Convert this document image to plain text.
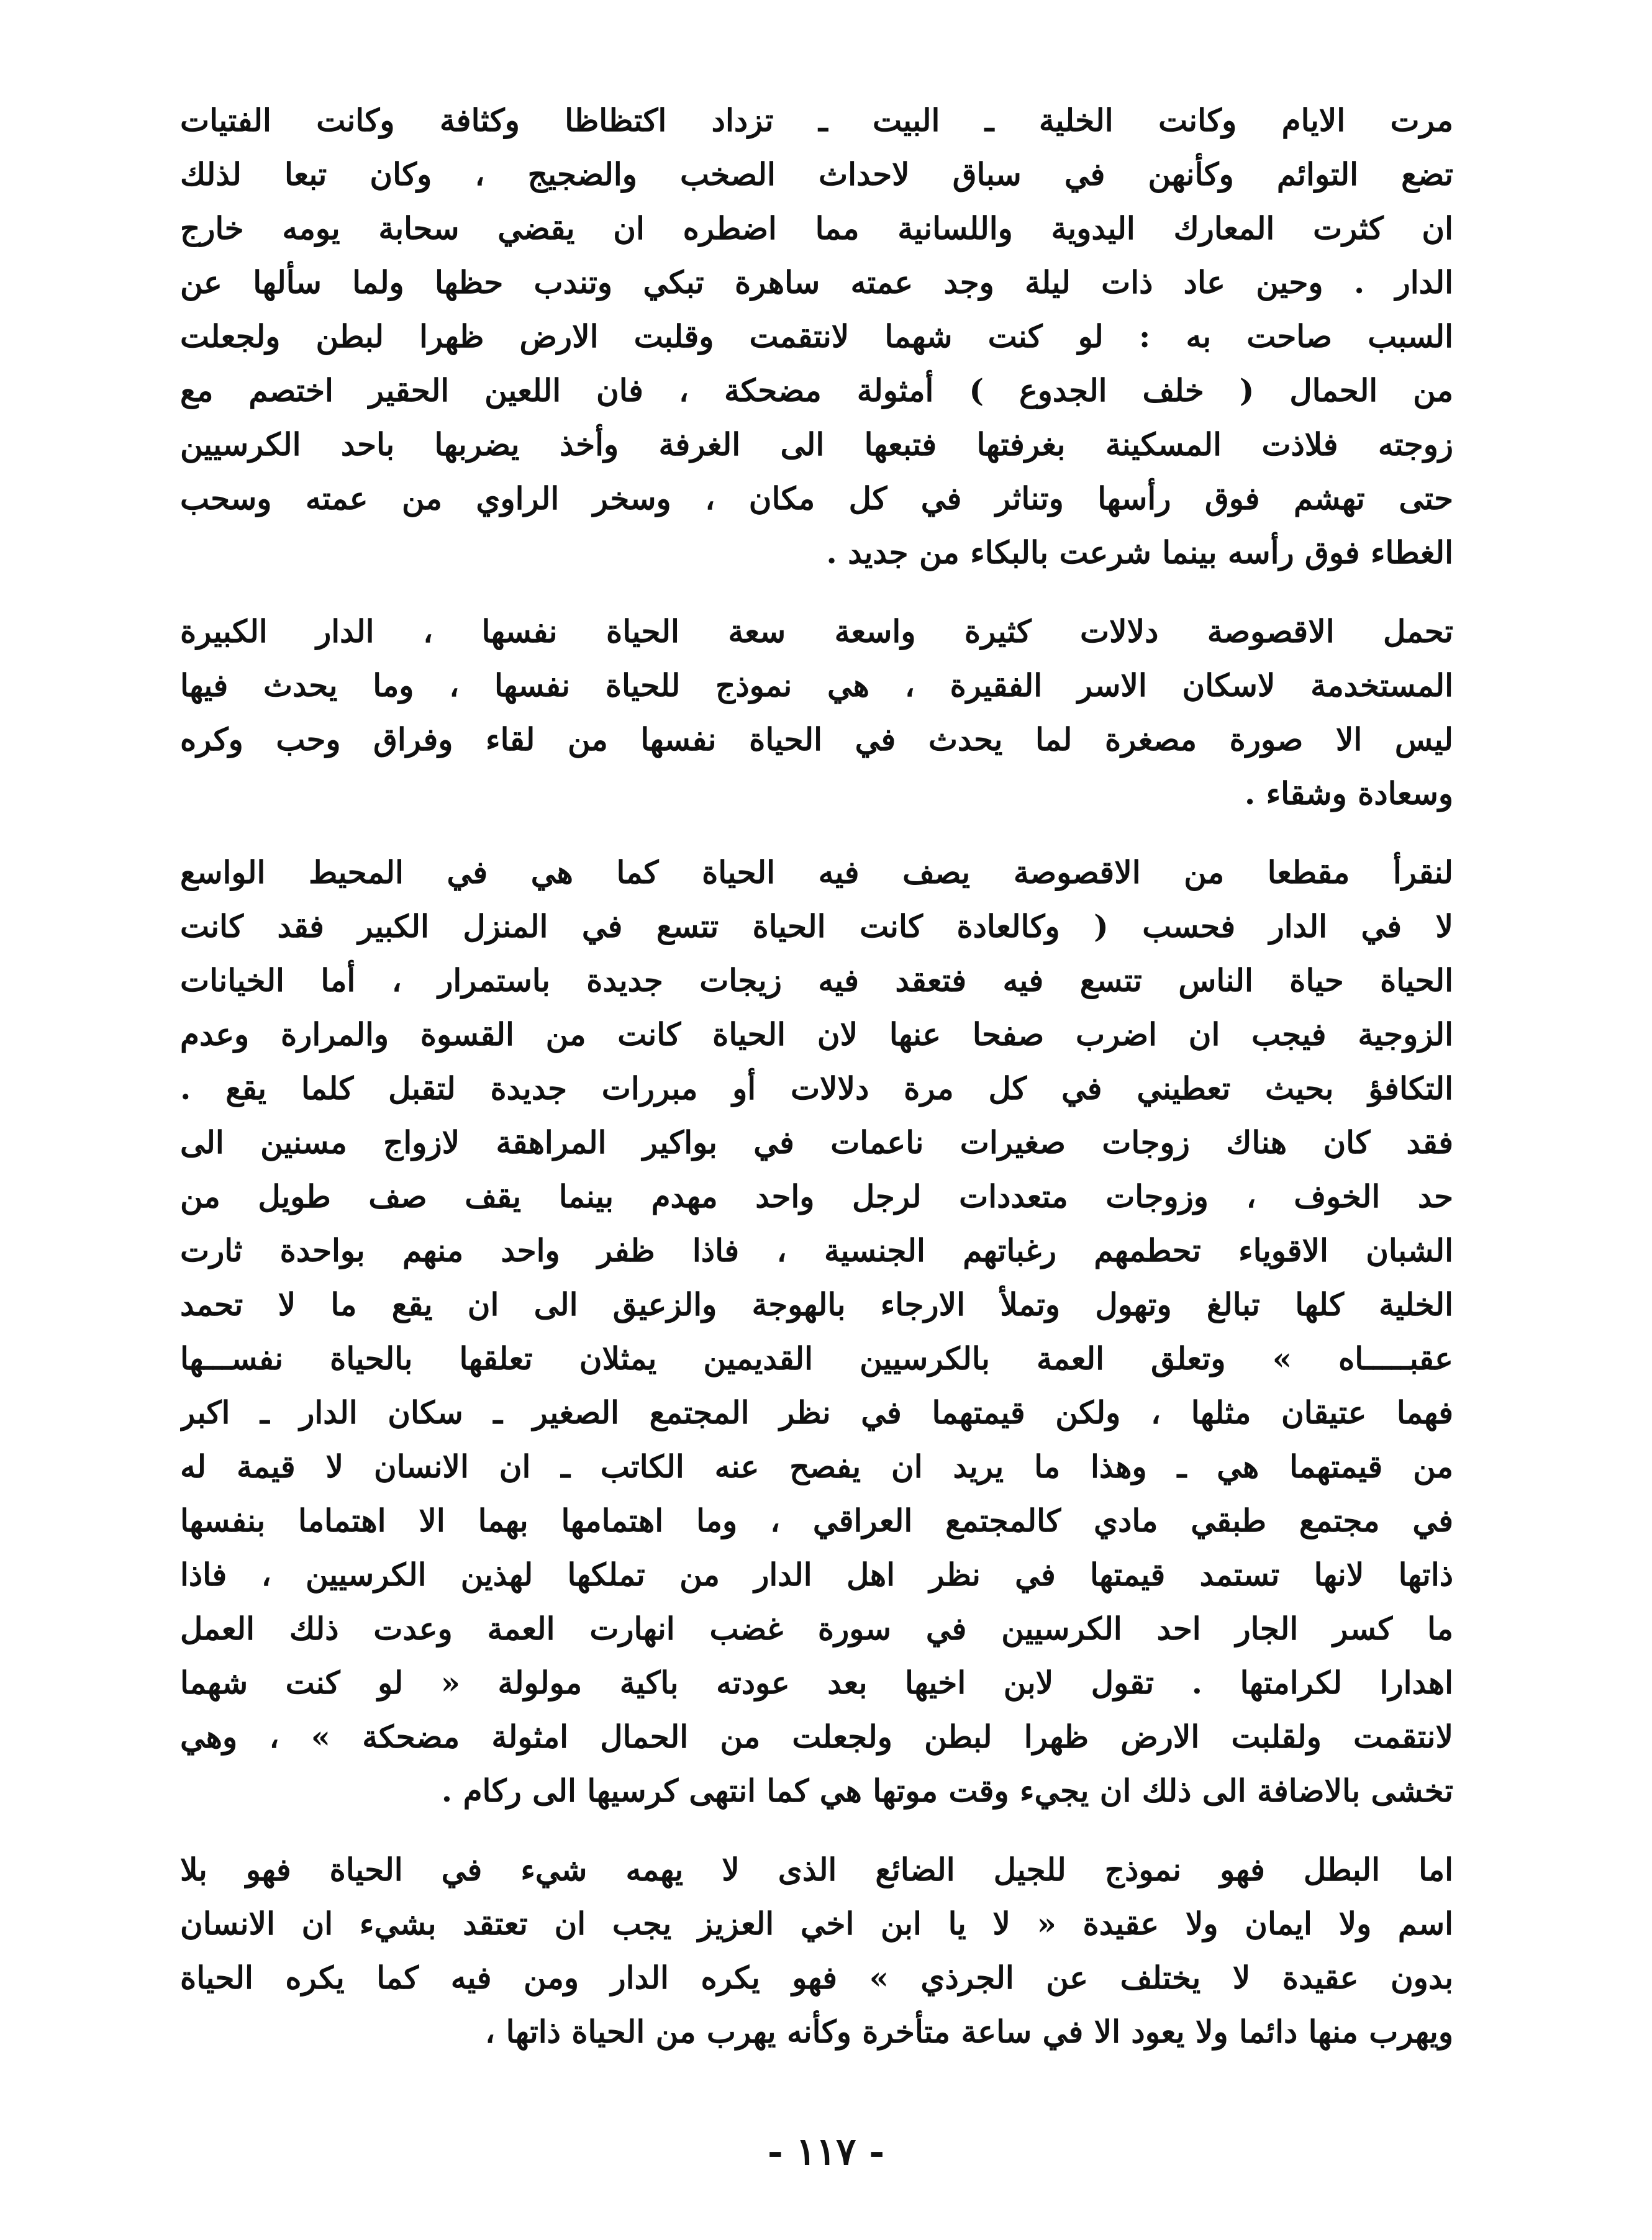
مرت الايام وكانت الخلية ـ البيت ـ تزداد اكتظاظا وكثافة وكانت الفتيات
تضع التوائم وكأنهن في سباق لاحداث الصخب والضجيج ، وكان تبعا لذلك
ان كثرت المعارك اليدوية واللسانية مما اضطره ان يقضي سحابة يومه خارج
الدار . وحين عاد ذات ليلة وجد عمته ساهرة تبكي وتندب حظها ولما سألها عن
السبب صاحت به : لو كنت شهما لانتقمت وقلبت الارض ظهرا لبطن ولجعلت
من الحمال ( خلف الجدوع ) أمثولة مضحكة ، فان اللعين الحقير اختصم مع
زوجته فلاذت المسكينة بغرفتها فتبعها الى الغرفة وأخذ يضربها باحد الكرسيين
حتى تهشم فوق رأسها وتناثر في كل مكان ، وسخر الراوي من عمته وسحب
الغطاء فوق رأسه بينما شرعت بالبكاء من جديد .
تحمل الاقصوصة دلالات كثيرة واسعة سعة الحياة نفسها ، الدار الكبيرة
المستخدمة لاسكان الاسر الفقيرة ، هي نموذج للحياة نفسها ، وما يحدث فيها
ليس الا صورة مصغرة لما يحدث في الحياة نفسها من لقاء وفراق وحب وكره
وسعادة وشقاء .
لنقرأ مقطعا من الاقصوصة يصف فيه الحياة كما هي في المحيط الواسع
لا في الدار فحسب ( وكالعادة كانت الحياة تتسع في المنزل الكبير فقد كانت
الحياة حياة الناس تتسع فيه فتعقد فيه زيجات جديدة باستمرار ، أما الخيانات
الزوجية فيجب ان اضرب صفحا عنها لان الحياة كانت من القسوة والمرارة وعدم
التكافؤ بحيث تعطيني في كل مرة دلالات أو مبررات جديدة لتقبل كلما يقع .
فقد كان هناك زوجات صغيرات ناعمات في بواكير المراهقة لازواج مسنين الى
حد الخوف ، وزوجات متعددات لرجل واحد مهدم بينما يقف صف طويل من
الشبان الاقوياء تحطمهم رغباتهم الجنسية ، فاذا ظفر واحد منهم بواحدة ثارت
الخلية كلها تبالغ وتهول وتملأ الارجاء بالهوجة والزعيق الى ان يقع ما لا تحمد
عقبـــــاه » وتعلق العمة بالكرسيين القديمين يمثلان تعلقها بالحياة نفســـها
فهما عتيقان مثلها ، ولكن قيمتهما في نظر المجتمع الصغير ـ سكان الدار ـ اكبر
من قيمتهما هي ـ وهذا ما يريد ان يفصح عنه الكاتب ـ ان الانسان لا قيمة له
في مجتمع طبقي مادي كالمجتمع العراقي ، وما اهتمامها بهما الا اهتماما بنفسها
ذاتها لانها تستمد قيمتها في نظر اهل الدار من تملكها لهذين الكرسيين ، فاذا
ما كسر الجار احد الكرسيين في سورة غضب انهارت العمة وعدت ذلك العمل
اهدارا لكرامتها . تقول لابن اخيها بعد عودته باكية مولولة « لو كنت شهما
لانتقمت ولقلبت الارض ظهرا لبطن ولجعلت من الحمال امثولة مضحكة » ، وهي
تخشى بالاضافة الى ذلك ان يجيء وقت موتها هي كما انتهى كرسيها الى ركام .
اما البطل فهو نموذج للجيل الضائع الذى لا يهمه شيء في الحياة فهو بلا
اسم ولا ايمان ولا عقيدة « لا يا ابن اخي العزيز يجب ان تعتقد بشيء ان الانسان
بدون عقيدة لا يختلف عن الجرذي » فهو يكره الدار ومن فيه كما يكره الحياة
ويهرب منها دائما ولا يعود الا في ساعة متأخرة وكأنه يهرب من الحياة ذاتها ،
- ١١٧ -
